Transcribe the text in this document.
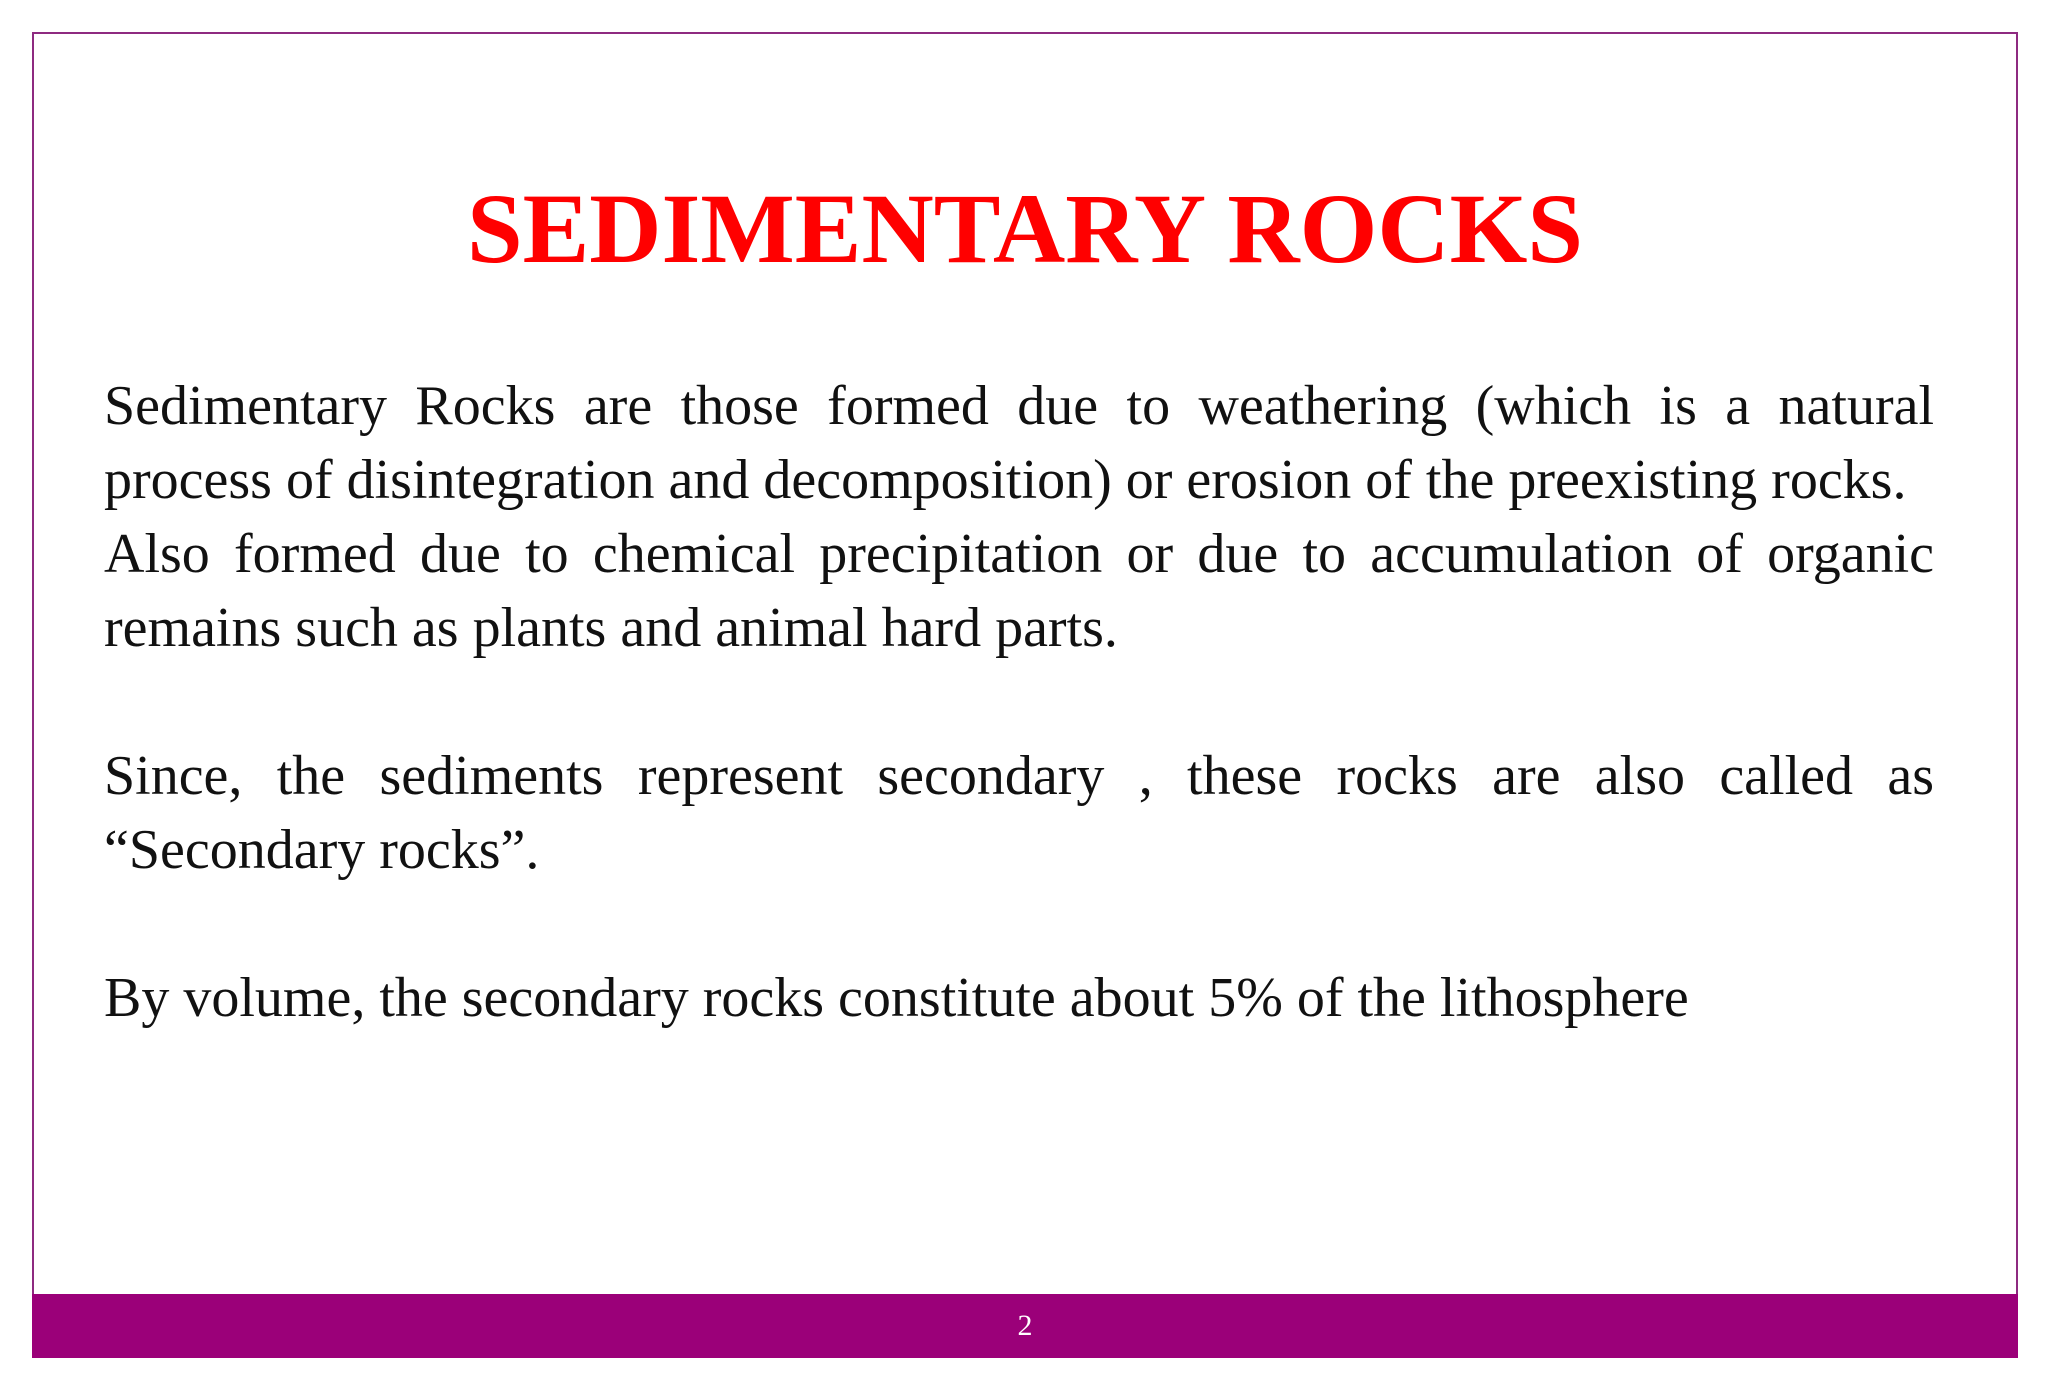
SEDIMENTARY ROCKS

Sedimentary Rocks are those formed due to weathering (which is a natural process of disintegration and decomposition) or erosion of the preexisting rocks.

Also formed due to chemical precipitation or due to accumulation of organic remains such as plants and animal hard parts.

Since, the sediments represent secondary , these rocks are also called as “Secondary rocks”.

By volume, the secondary rocks constitute about 5% of the lithosphere

2
